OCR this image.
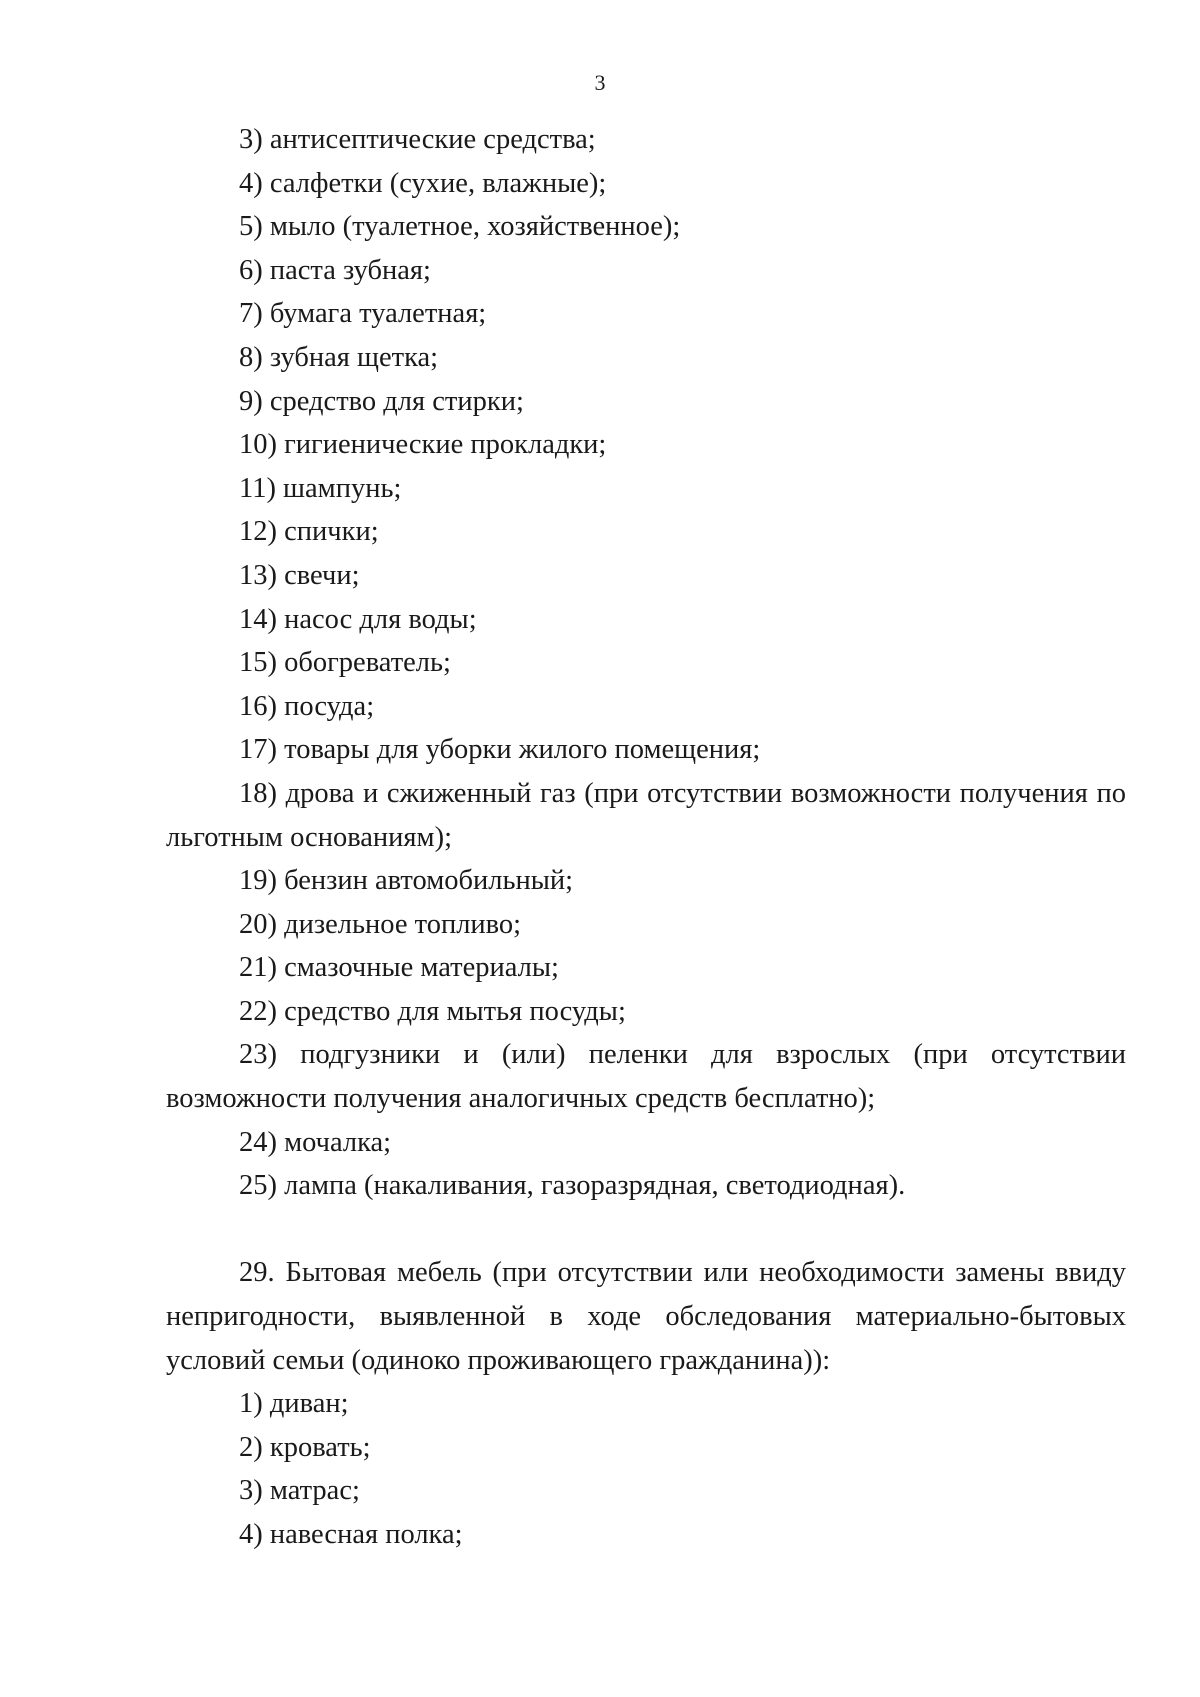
3

3) антисептические средства;

4) салфетки (сухие, влажные);

5) мыло (туалетное, хозяйственное);

6) паста зубная;

7) бумага туалетная;

8) зубная щетка;

9) средство для стирки;

10) гигиенические прокладки;

11) шампунь;

12) спички;

13) свечи;

14) насос для воды;

15) обогреватель;

16) посуда;

17) товары для уборки жилого помещения;

18) дрова и сжиженный газ (при отсутствии возможности получения по льготным основаниям);

19) бензин автомобильный;

20) дизельное топливо;

21) смазочные материалы;

22) средство для мытья посуды;

23) подгузники и (или) пеленки для взрослых (при отсутствии возможности получения аналогичных средств бесплатно);

24) мочалка;

25) лампа (накаливания, газоразрядная, светодиодная).

29. Бытовая мебель (при отсутствии или необходимости замены ввиду непригодности, выявленной в ходе обследования материально-бытовых условий семьи (одиноко проживающего гражданина)):

1) диван;

2) кровать;

3) матрас;

4) навесная полка;
